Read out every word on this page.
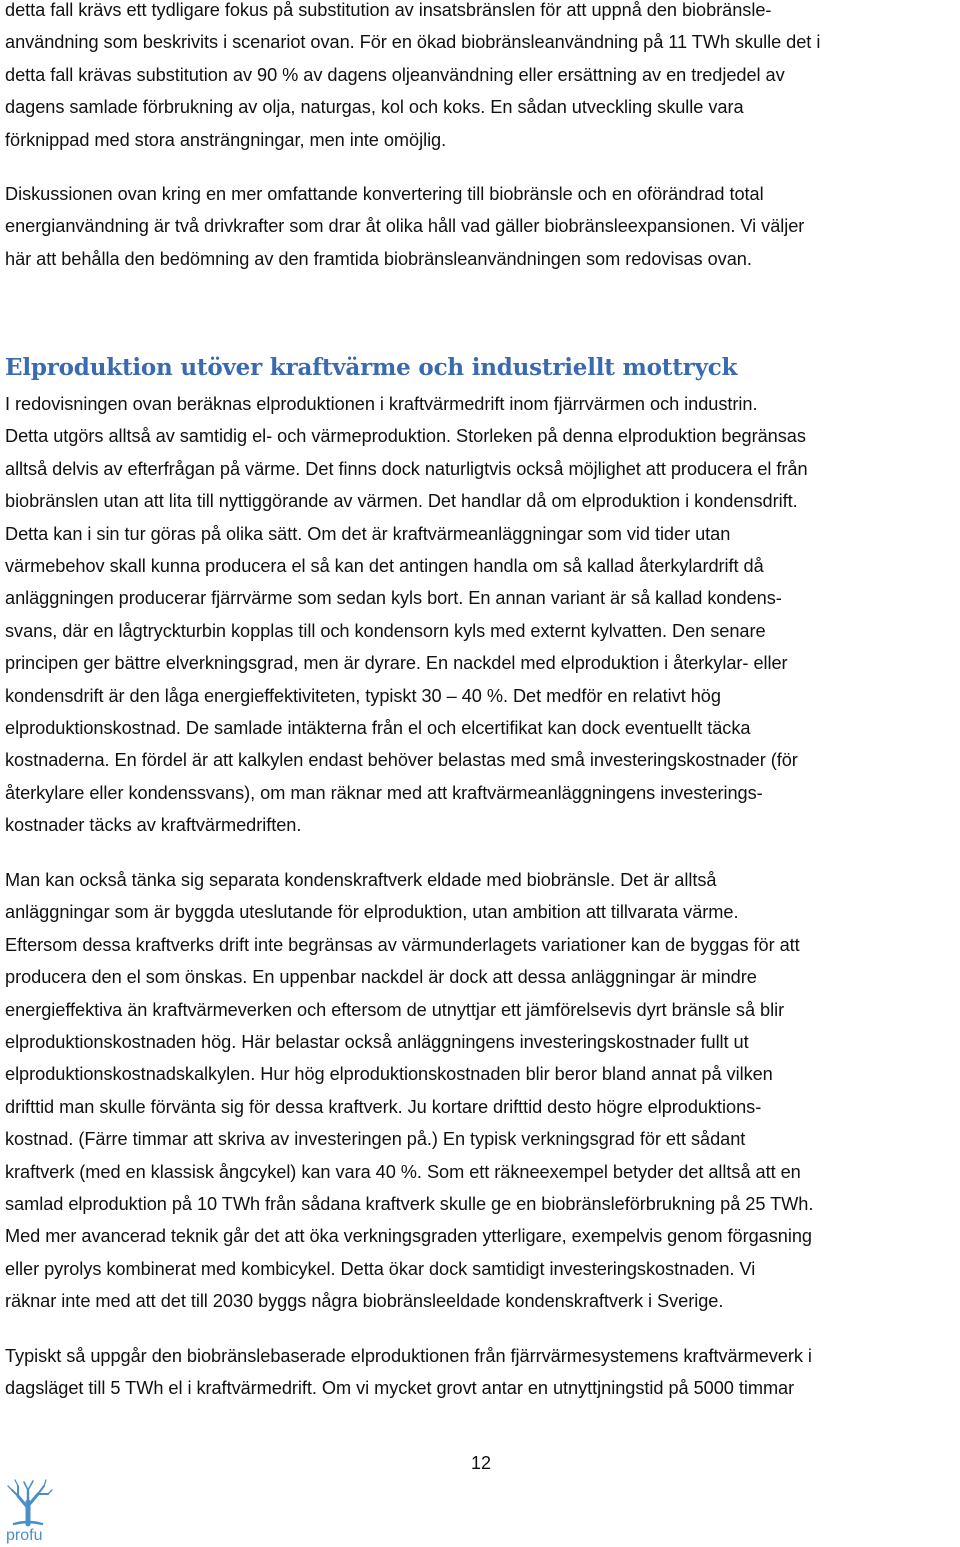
detta fall krävs ett tydligare fokus på substitution av insatsbränslen för att uppnå den biobränsle-
användning som beskrivits i scenariot ovan. För en ökad biobränsleanvändning på 11 TWh skulle det i
detta fall krävas substitution av 90 % av dagens oljeanvändning eller ersättning av en tredjedel av
dagens samlade förbrukning av olja, naturgas, kol och koks. En sådan utveckling skulle vara
förknippad med stora ansträngningar, men inte omöjlig.
Diskussionen ovan kring en mer omfattande konvertering till biobränsle och en oförändrad total
energianvändning är två drivkrafter som drar åt olika håll vad gäller biobränsleexpansionen. Vi väljer
här att behålla den bedömning av den framtida biobränsleanvändningen som redovisas ovan.
Elproduktion utöver kraftvärme och industriellt mottryck
I redovisningen ovan beräknas elproduktionen i kraftvärmedrift inom fjärrvärmen och industrin.
Detta utgörs alltså av samtidig el- och värmeproduktion. Storleken på denna elproduktion begränsas
alltså delvis av efterfrågan på värme. Det finns dock naturligtvis också möjlighet att producera el från
biobränslen utan att lita till nyttiggörande av värmen. Det handlar då om elproduktion i kondensdrift.
Detta kan i sin tur göras på olika sätt. Om det är kraftvärmeanläggningar som vid tider utan
värmebehov skall kunna producera el så kan det antingen handla om så kallad återkylardrift då
anläggningen producerar fjärrvärme som sedan kyls bort. En annan variant är så kallad kondens-
svans, där en lågtryckturbin kopplas till och kondensorn kyls med externt kylvatten. Den senare
principen ger bättre elverkningsgrad, men är dyrare. En nackdel med elproduktion i återkylar- eller
kondensdrift är den låga energieffektiviteten, typiskt 30 – 40 %. Det medför en relativt hög
elproduktionskostnad. De samlade intäkterna från el och elcertifikat kan dock eventuellt täcka
kostnaderna. En fördel är att kalkylen endast behöver belastas med små investeringskostnader (för
återkylare eller kondenssvans), om man räknar med att kraftvärmeanläggningens investerings-
kostnader täcks av kraftvärmedriften.
Man kan också tänka sig separata kondenskraftverk eldade med biobränsle. Det är alltså
anläggningar som är byggda uteslutande för elproduktion, utan ambition att tillvarata värme.
Eftersom dessa kraftverks drift inte begränsas av värmunderlagets variationer kan de byggas för att
producera den el som önskas. En uppenbar nackdel är dock att dessa anläggningar är mindre
energieffektiva än kraftvärmeverken och eftersom de utnyttjar ett jämförelsevis dyrt bränsle så blir
elproduktionskostnaden hög. Här belastar också anläggningens investeringskostnader fullt ut
elproduktionskostnadskalkylen. Hur hög elproduktionskostnaden blir beror bland annat på vilken
drifttid man skulle förvänta sig för dessa kraftverk. Ju kortare drifttid desto högre elproduktions-
kostnad. (Färre timmar att skriva av investeringen på.) En typisk verkningsgrad för ett sådant
kraftverk (med en klassisk ångcykel) kan vara 40 %. Som ett räkneexempel betyder det alltså att en
samlad elproduktion på 10 TWh från sådana kraftverk skulle ge en biobränsleförbrukning på 25 TWh.
Med mer avancerad teknik går det att öka verkningsgraden ytterligare, exempelvis genom förgasning
eller pyrolys kombinerat med kombicykel. Detta ökar dock samtidigt investeringskostnaden. Vi
räknar inte med att det till 2030 byggs några biobränsleeldade kondenskraftverk i Sverige.
Typiskt så uppgår den biobränslebaserade elproduktionen från fjärrvärmesystemens kraftvärmeverk i
dagsläget till 5 TWh el i kraftvärmedrift. Om vi mycket grovt antar en utnyttjningstid på 5000 timmar
12
profu
